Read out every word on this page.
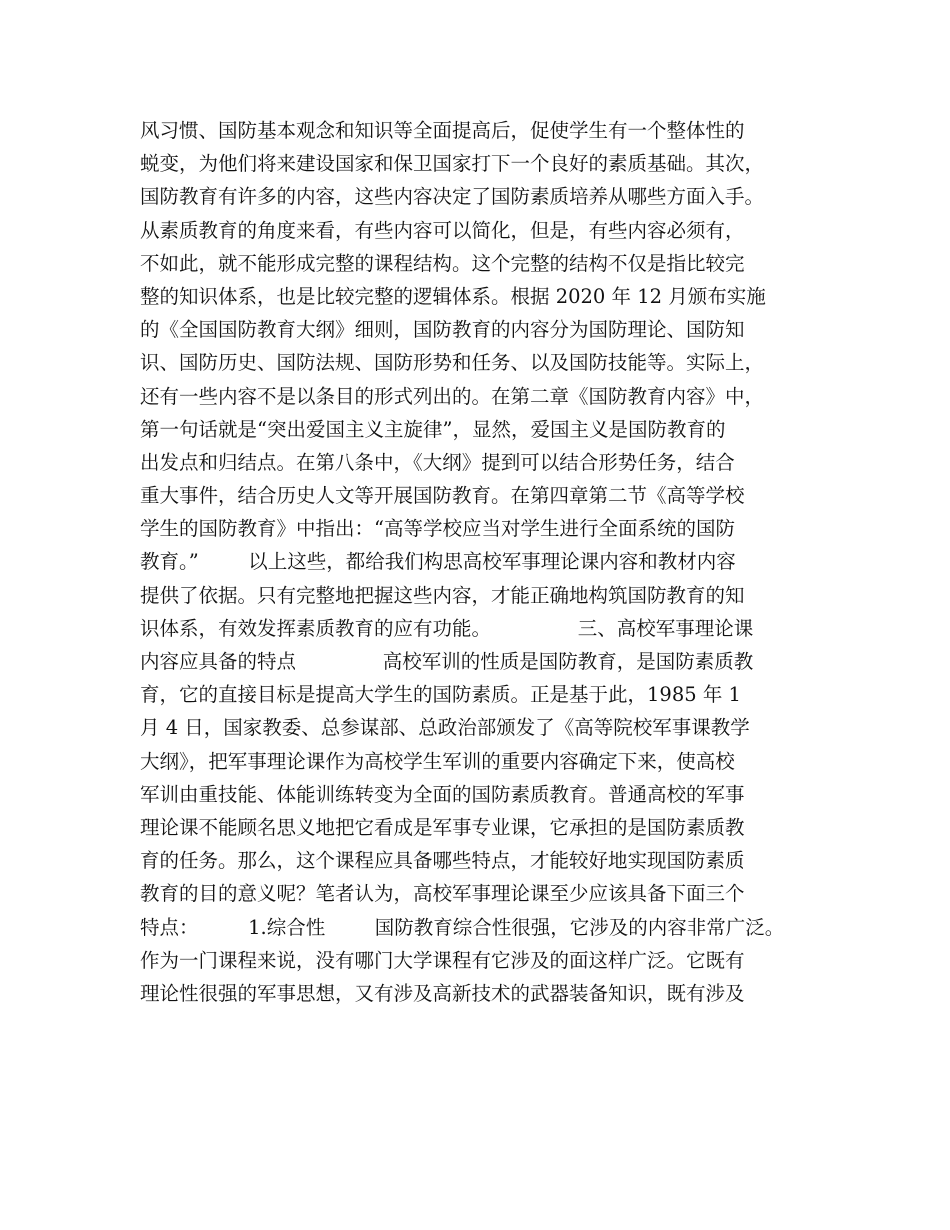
风习惯、国防基本观念和知识等全面提高后，促使学生有一个整体性的
蜕变，为他们将来建设国家和保卫国家打下一个良好的素质基础。其次，
国防教育有许多的内容，这些内容决定了国防素质培养从哪些方面入手。
从素质教育的角度来看，有些内容可以简化，但是，有些内容必须有，
不如此，就不能形成完整的课程结构。这个完整的结构不仅是指比较完
整的知识体系，也是比较完整的逻辑体系。根据 2020 年 12 月颁布实施
的《全国国防教育大纲》细则，国防教育的内容分为国防理论、国防知
识、国防历史、国防法规、国防形势和任务、以及国防技能等。实际上，
还有一些内容不是以条目的形式列出的。在第二章《国防教育内容》中，
第一句话就是“突出爱国主义主旋律”，显然，爱国主义是国防教育的
出发点和归结点。在第八条中，《大纲》提到可以结合形势任务，结合
重大事件，结合历史人文等开展国防教育。在第四章第二节《高等学校
学生的国防教育》中指出：“高等学校应当对学生进行全面系统的国防
教育。”        以上这些，都给我们构思高校军事理论课内容和教材内容
提供了依据。只有完整地把握这些内容，才能正确地构筑国防教育的知
识体系，有效发挥素质教育的应有功能。              三、高校军事理论课
内容应具备的特点              高校军训的性质是国防教育，是国防素质教
育，它的直接目标是提高大学生的国防素质。正是基于此，1985 年 1
月 4 日，国家教委、总参谋部、总政治部颁发了《高等院校军事课教学
大纲》，把军事理论课作为高校学生军训的重要内容确定下来，使高校
军训由重技能、体能训练转变为全面的国防素质教育。普通高校的军事
理论课不能顾名思义地把它看成是军事专业课，它承担的是国防素质教
育的任务。那么，这个课程应具备哪些特点，才能较好地实现国防素质
教育的目的意义呢？笔者认为，高校军事理论课至少应该具备下面三个
特点：        1.综合性        国防教育综合性很强，它涉及的内容非常广泛。
作为一门课程来说，没有哪门大学课程有它涉及的面这样广泛。它既有
理论性很强的军事思想，又有涉及高新技术的武器装备知识，既有涉及
